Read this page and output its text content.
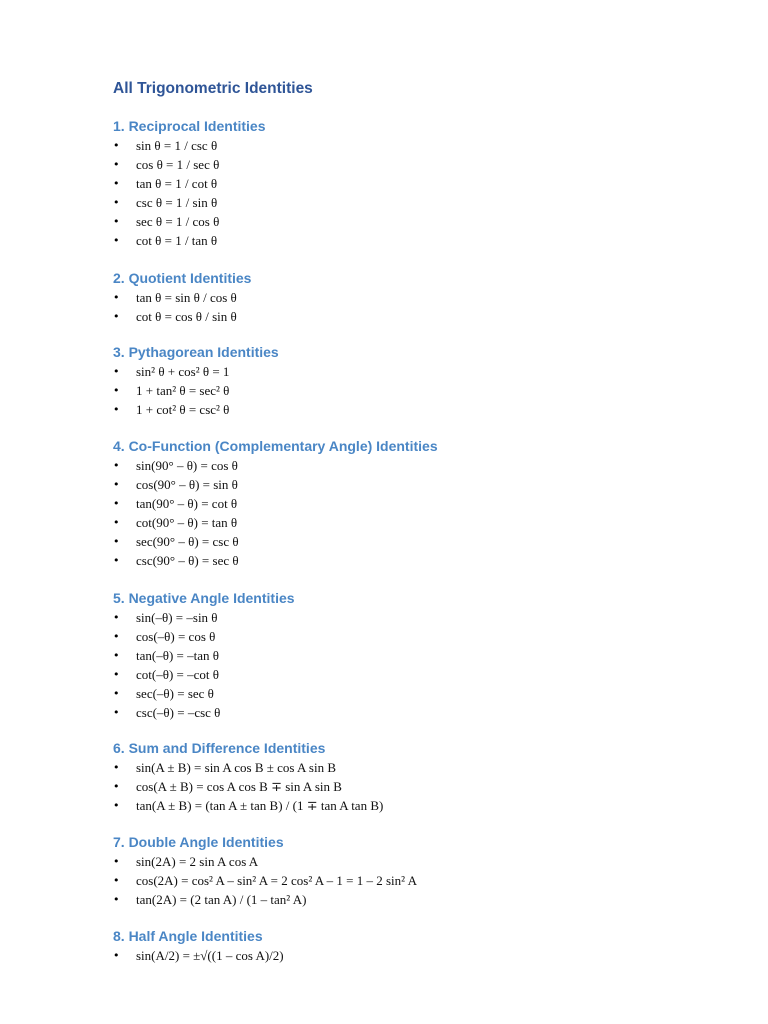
All Trigonometric Identities
1. Reciprocal Identities
• sin θ = 1 / csc θ
• cos θ = 1 / sec θ
• tan θ = 1 / cot θ
• csc θ = 1 / sin θ
• sec θ = 1 / cos θ
• cot θ = 1 / tan θ
2. Quotient Identities
• tan θ = sin θ / cos θ
• cot θ = cos θ / sin θ
3. Pythagorean Identities
• sin² θ + cos² θ = 1
• 1 + tan² θ = sec² θ
• 1 + cot² θ = csc² θ
4. Co-Function (Complementary Angle) Identities
• sin(90° – θ) = cos θ
• cos(90° – θ) = sin θ
• tan(90° – θ) = cot θ
• cot(90° – θ) = tan θ
• sec(90° – θ) = csc θ
• csc(90° – θ) = sec θ
5. Negative Angle Identities
• sin(–θ) = –sin θ
• cos(–θ) = cos θ
• tan(–θ) = –tan θ
• cot(–θ) = –cot θ
• sec(–θ) = sec θ
• csc(–θ) = –csc θ
6. Sum and Difference Identities
• sin(A ± B) = sin A cos B ± cos A sin B
• cos(A ± B) = cos A cos B ∓ sin A sin B
• tan(A ± B) = (tan A ± tan B) / (1 ∓ tan A tan B)
7. Double Angle Identities
• sin(2A) = 2 sin A cos A
• cos(2A) = cos² A – sin² A = 2 cos² A – 1 = 1 – 2 sin² A
• tan(2A) = (2 tan A) / (1 – tan² A)
8. Half Angle Identities
• sin(A/2) = ±√((1 – cos A)/2)
